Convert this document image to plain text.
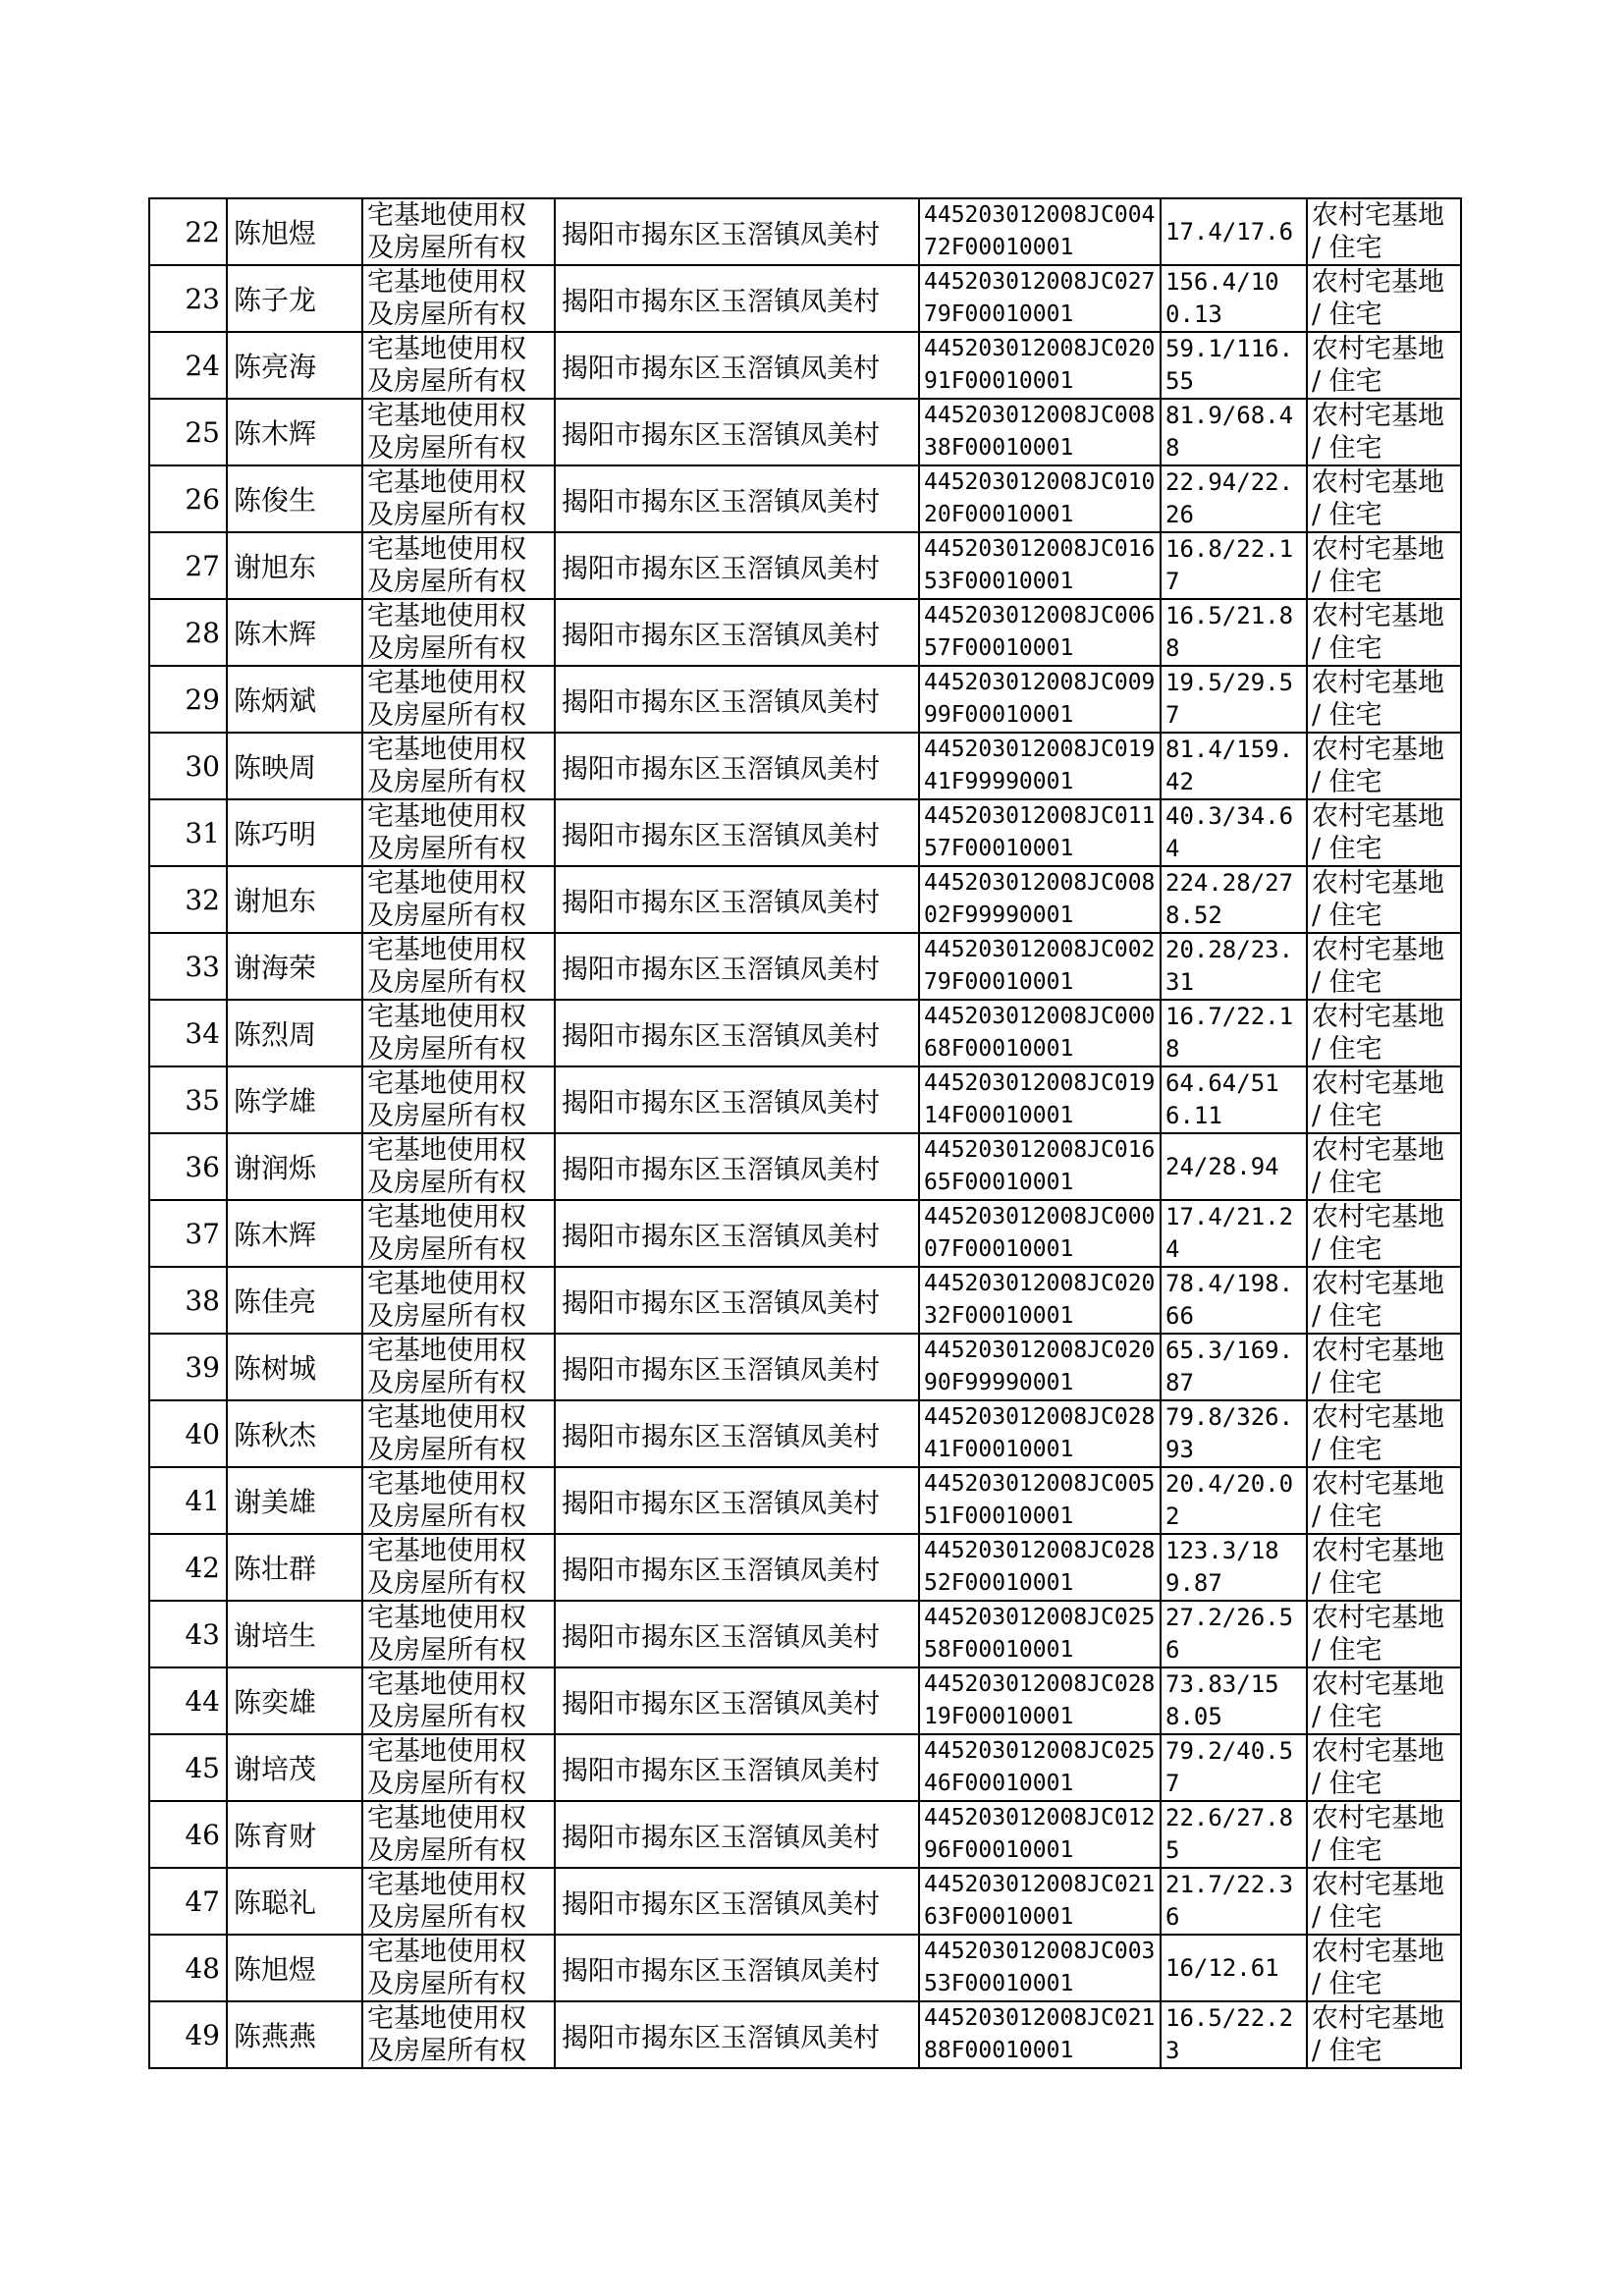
22	陈旭煜	宅基地使用权及房屋所有权	揭阳市揭东区玉滘镇凤美村	445203012008JC00472F00010001	17.4/17.6	农村宅基地 / 住宅
23	陈子龙	宅基地使用权及房屋所有权	揭阳市揭东区玉滘镇凤美村	445203012008JC02779F00010001	156.4/100.13	农村宅基地 / 住宅
24	陈亮海	宅基地使用权及房屋所有权	揭阳市揭东区玉滘镇凤美村	445203012008JC02091F00010001	59.1/116.55	农村宅基地 / 住宅
25	陈木辉	宅基地使用权及房屋所有权	揭阳市揭东区玉滘镇凤美村	445203012008JC00838F00010001	81.9/68.48	农村宅基地 / 住宅
26	陈俊生	宅基地使用权及房屋所有权	揭阳市揭东区玉滘镇凤美村	445203012008JC01020F00010001	22.94/22.26	农村宅基地 / 住宅
27	谢旭东	宅基地使用权及房屋所有权	揭阳市揭东区玉滘镇凤美村	445203012008JC01653F00010001	16.8/22.17	农村宅基地 / 住宅
28	陈木辉	宅基地使用权及房屋所有权	揭阳市揭东区玉滘镇凤美村	445203012008JC00657F00010001	16.5/21.88	农村宅基地 / 住宅
29	陈炳斌	宅基地使用权及房屋所有权	揭阳市揭东区玉滘镇凤美村	445203012008JC00999F00010001	19.5/29.57	农村宅基地 / 住宅
30	陈映周	宅基地使用权及房屋所有权	揭阳市揭东区玉滘镇凤美村	445203012008JC01941F99990001	81.4/159.42	农村宅基地 / 住宅
31	陈巧明	宅基地使用权及房屋所有权	揭阳市揭东区玉滘镇凤美村	445203012008JC01157F00010001	40.3/34.64	农村宅基地 / 住宅
32	谢旭东	宅基地使用权及房屋所有权	揭阳市揭东区玉滘镇凤美村	445203012008JC00802F99990001	224.28/278.52	农村宅基地 / 住宅
33	谢海荣	宅基地使用权及房屋所有权	揭阳市揭东区玉滘镇凤美村	445203012008JC00279F00010001	20.28/23.31	农村宅基地 / 住宅
34	陈烈周	宅基地使用权及房屋所有权	揭阳市揭东区玉滘镇凤美村	445203012008JC00068F00010001	16.7/22.18	农村宅基地 / 住宅
35	陈学雄	宅基地使用权及房屋所有权	揭阳市揭东区玉滘镇凤美村	445203012008JC01914F00010001	64.64/516.11	农村宅基地 / 住宅
36	谢润烁	宅基地使用权及房屋所有权	揭阳市揭东区玉滘镇凤美村	445203012008JC01665F00010001	24/28.94	农村宅基地 / 住宅
37	陈木辉	宅基地使用权及房屋所有权	揭阳市揭东区玉滘镇凤美村	445203012008JC00007F00010001	17.4/21.24	农村宅基地 / 住宅
38	陈佳亮	宅基地使用权及房屋所有权	揭阳市揭东区玉滘镇凤美村	445203012008JC02032F00010001	78.4/198.66	农村宅基地 / 住宅
39	陈树城	宅基地使用权及房屋所有权	揭阳市揭东区玉滘镇凤美村	445203012008JC02090F99990001	65.3/169.87	农村宅基地 / 住宅
40	陈秋杰	宅基地使用权及房屋所有权	揭阳市揭东区玉滘镇凤美村	445203012008JC02841F00010001	79.8/326.93	农村宅基地 / 住宅
41	谢美雄	宅基地使用权及房屋所有权	揭阳市揭东区玉滘镇凤美村	445203012008JC00551F00010001	20.4/20.02	农村宅基地 / 住宅
42	陈壮群	宅基地使用权及房屋所有权	揭阳市揭东区玉滘镇凤美村	445203012008JC02852F00010001	123.3/189.87	农村宅基地 / 住宅
43	谢培生	宅基地使用权及房屋所有权	揭阳市揭东区玉滘镇凤美村	445203012008JC02558F00010001	27.2/26.56	农村宅基地 / 住宅
44	陈奕雄	宅基地使用权及房屋所有权	揭阳市揭东区玉滘镇凤美村	445203012008JC02819F00010001	73.83/158.05	农村宅基地 / 住宅
45	谢培茂	宅基地使用权及房屋所有权	揭阳市揭东区玉滘镇凤美村	445203012008JC02546F00010001	79.2/40.57	农村宅基地 / 住宅
46	陈育财	宅基地使用权及房屋所有权	揭阳市揭东区玉滘镇凤美村	445203012008JC01296F00010001	22.6/27.85	农村宅基地 / 住宅
47	陈聪礼	宅基地使用权及房屋所有权	揭阳市揭东区玉滘镇凤美村	445203012008JC02163F00010001	21.7/22.36	农村宅基地 / 住宅
48	陈旭煜	宅基地使用权及房屋所有权	揭阳市揭东区玉滘镇凤美村	445203012008JC00353F00010001	16/12.61	农村宅基地 / 住宅
49	陈燕燕	宅基地使用权及房屋所有权	揭阳市揭东区玉滘镇凤美村	445203012008JC02188F00010001	16.5/22.23	农村宅基地 / 住宅
